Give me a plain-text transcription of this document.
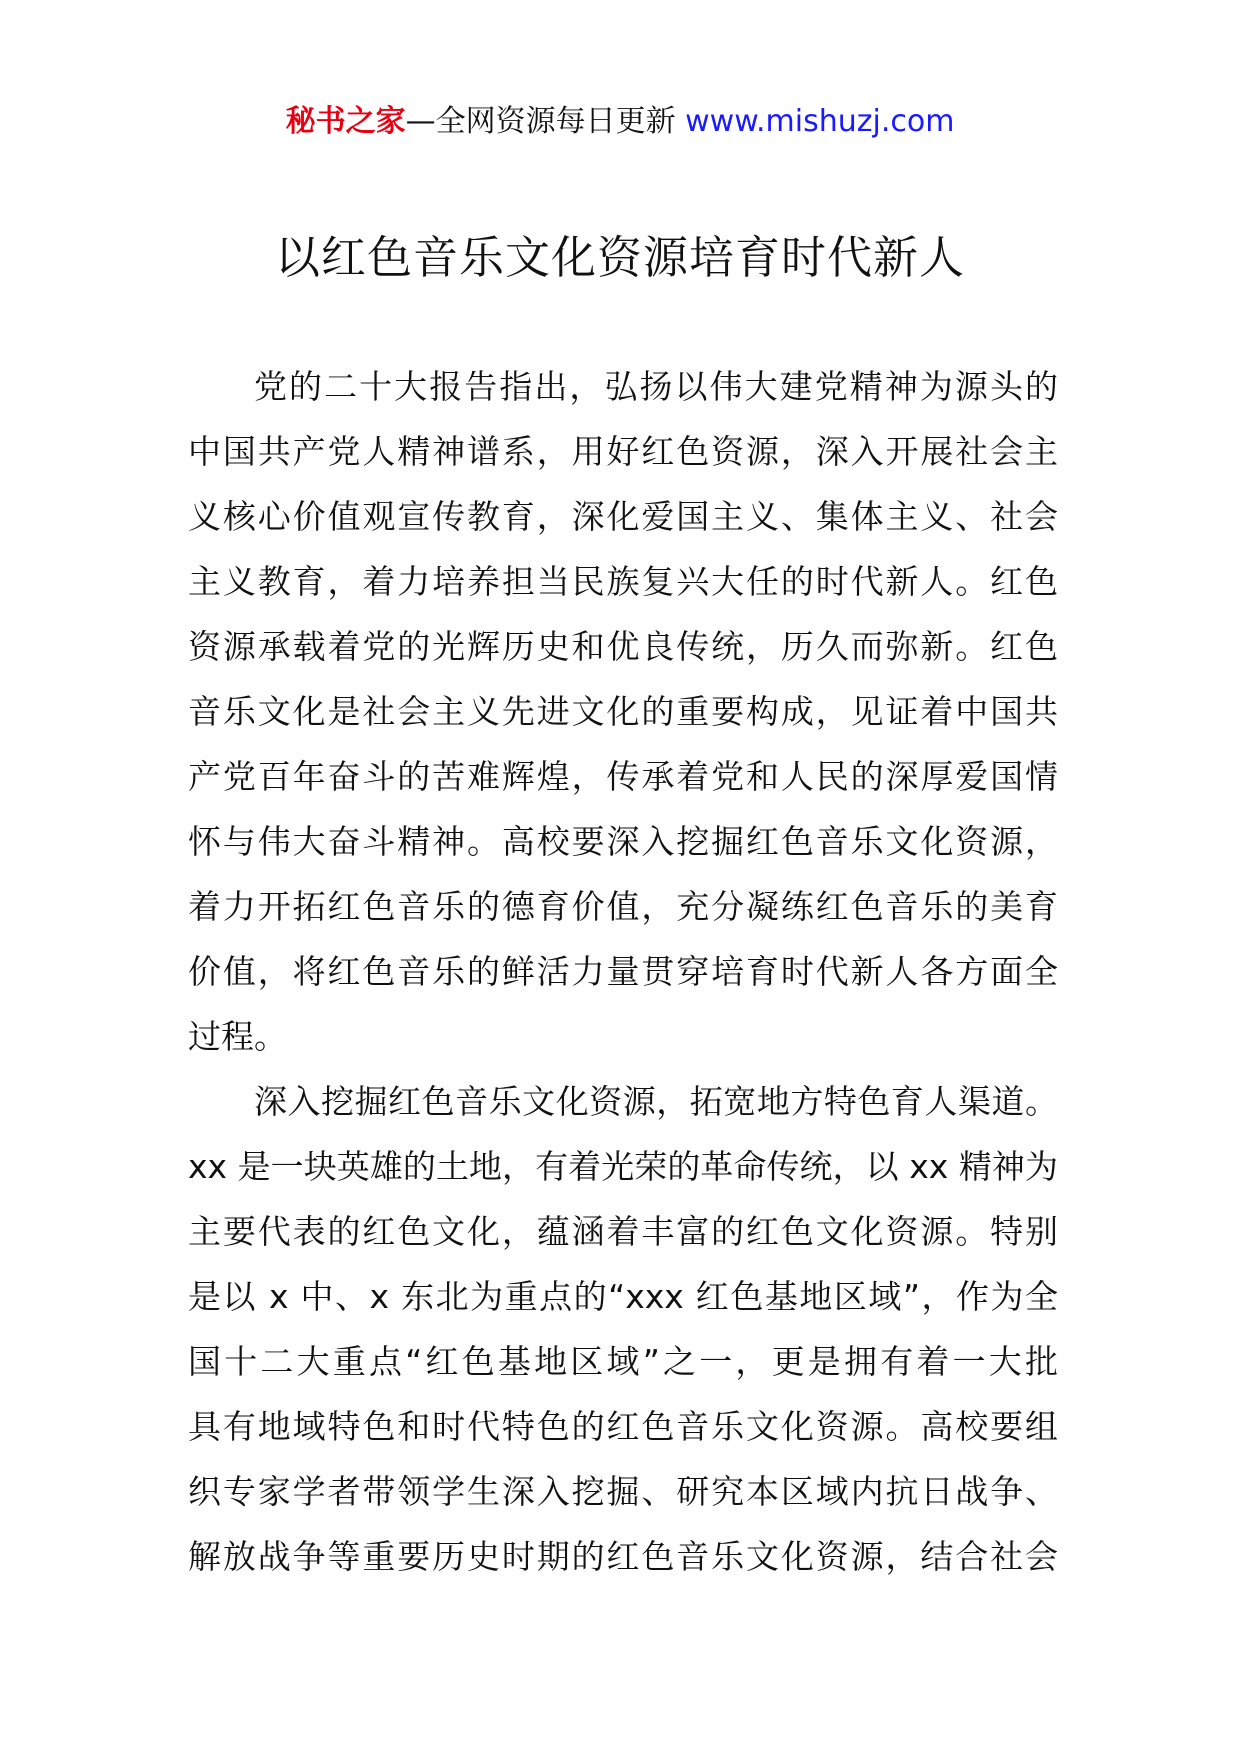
秘书之家—全网资源每日更新 www.mishuzj.com
以红色音乐文化资源培育时代新人
党的二十大报告指出，弘扬以伟大建党精神为源头的
中国共产党人精神谱系，用好红色资源，深入开展社会主
义核心价值观宣传教育，深化爱国主义、集体主义、社会
主义教育，着力培养担当民族复兴大任的时代新人。红色
资源承载着党的光辉历史和优良传统，历久而弥新。红色
音乐文化是社会主义先进文化的重要构成，见证着中国共
产党百年奋斗的苦难辉煌，传承着党和人民的深厚爱国情
怀与伟大奋斗精神。高校要深入挖掘红色音乐文化资源，
着力开拓红色音乐的德育价值，充分凝练红色音乐的美育
价值，将红色音乐的鲜活力量贯穿培育时代新人各方面全
过程。
深入挖掘红色音乐文化资源，拓宽地方特色育人渠道。
xx 是一块英雄的土地，有着光荣的革命传统，以 xx 精神为
主要代表的红色文化，蕴涵着丰富的红色文化资源。特别
是以 x 中、x 东北为重点的“xxx 红色基地区域”，作为全
国十二大重点“红色基地区域”之一，更是拥有着一大批
具有地域特色和时代特色的红色音乐文化资源。高校要组
织专家学者带领学生深入挖掘、研究本区域内抗日战争、
解放战争等重要历史时期的红色音乐文化资源，结合社会
